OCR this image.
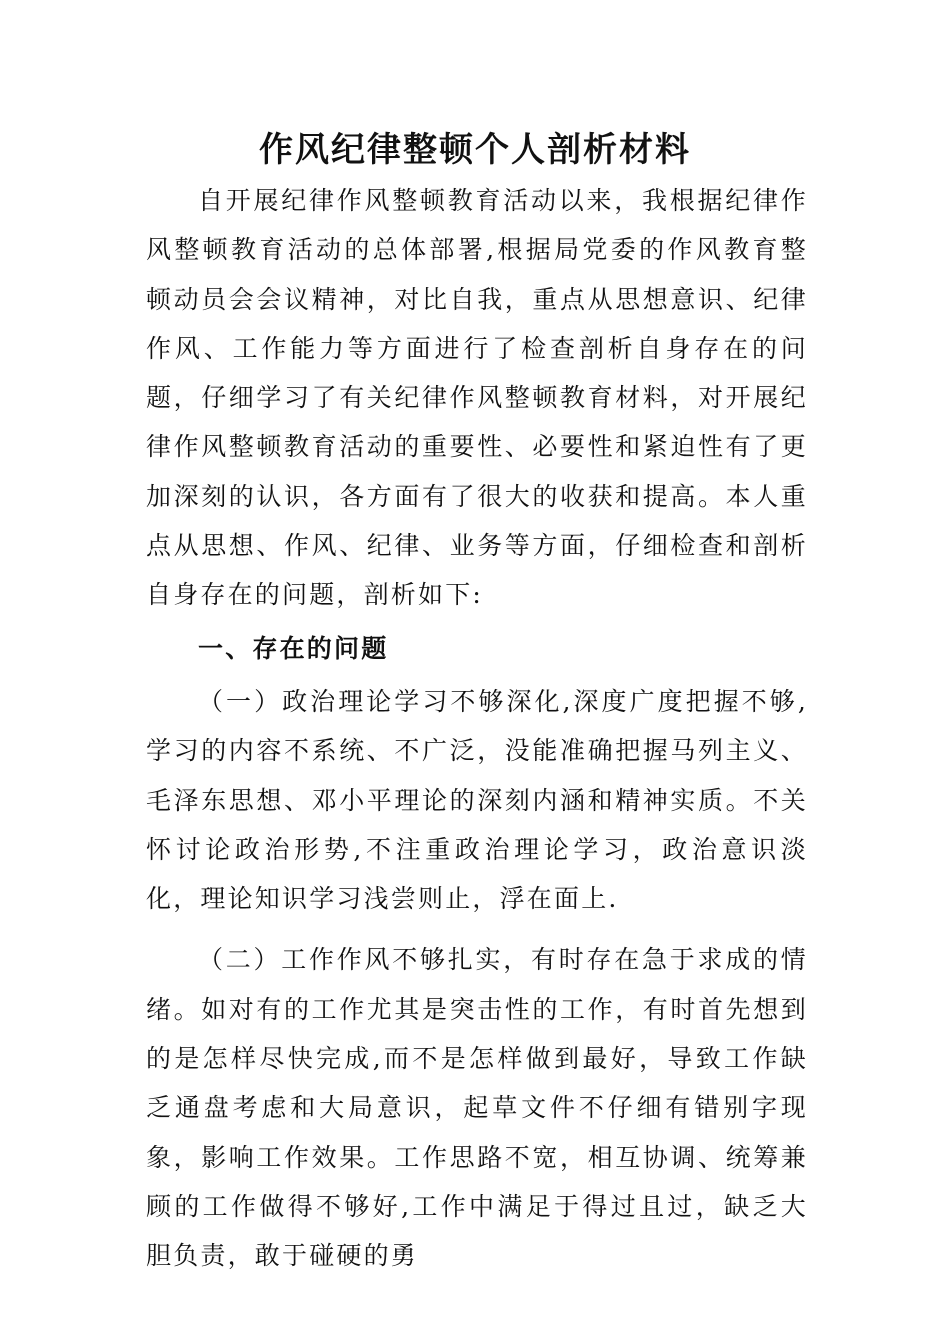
作风纪律整顿个人剖析材料

自开展纪律作风整顿教育活动以来，我根据纪律作风整顿教育活动的总体部署,根据局党委的作风教育整顿动员会会议精神，对比自我，重点从思想意识、纪律作风、工作能力等方面进行了检查剖析自身存在的问题，仔细学习了有关纪律作风整顿教育材料，对开展纪律作风整顿教育活动的重要性、必要性和紧迫性有了更加深刻的认识，各方面有了很大的收获和提高。本人重点从思想、作风、纪律、业务等方面，仔细检查和剖析自身存在的问题，剖析如下:

一、存在的问题

（一）政治理论学习不够深化,深度广度把握不够,学习的内容不系统、不广泛，没能准确把握马列主义、毛泽东思想、邓小平理论的深刻内涵和精神实质。不关怀讨论政治形势,不注重政治理论学习，政治意识淡化，理论知识学习浅尝则止，浮在面上.

（二）工作作风不够扎实，有时存在急于求成的情绪。如对有的工作尤其是突击性的工作，有时首先想到的是怎样尽快完成,而不是怎样做到最好，导致工作缺乏通盘考虑和大局意识，起草文件不仔细有错别字现象，影响工作效果。工作思路不宽，相互协调、统筹兼顾的工作做得不够好,工作中满足于得过且过，缺乏大胆负责，敢于碰硬的勇
